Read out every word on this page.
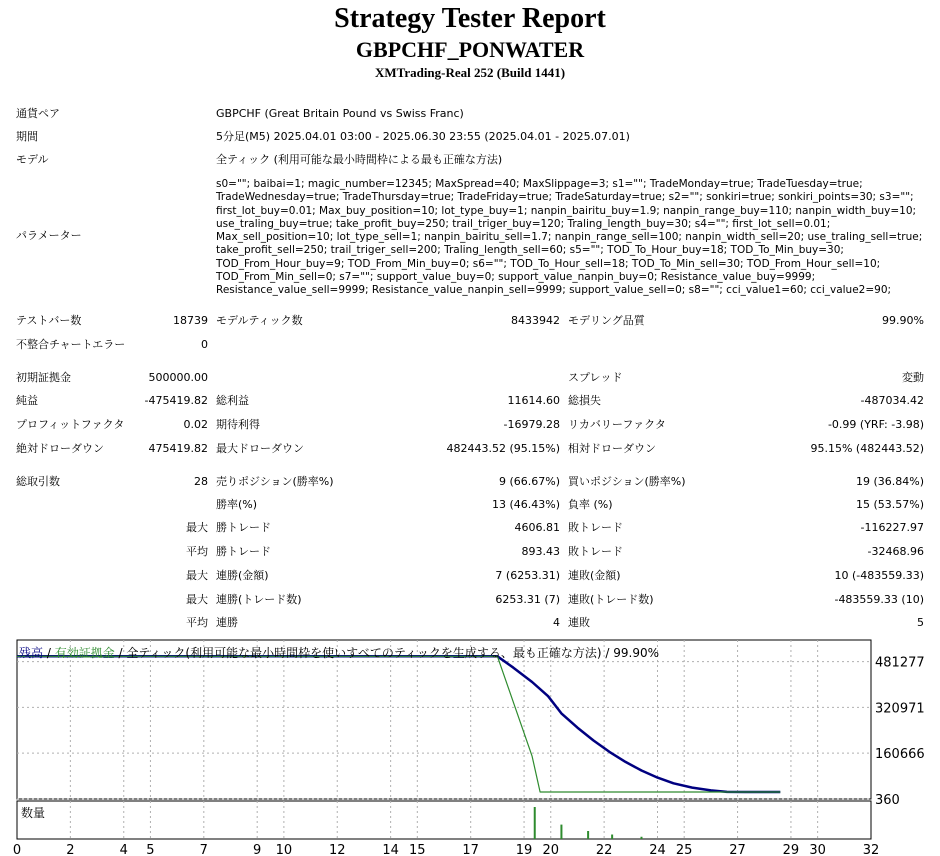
Strategy Tester Report
GBPCHF_PONWATER
XMTrading-Real 252 (Build 1441)
通貨ペア	GBPCHF (Great Britain Pound vs Swiss Franc)
期間	5分足(M5) 2025.04.01 03:00 - 2025.06.30 23:55 (2025.04.01 - 2025.07.01)
モデル	全ティック (利用可能な最小時間枠による最も正確な方法)
パラメーター
s0=""; baibai=1; magic_number=12345; MaxSpread=40; MaxSlippage=3; s1=""; TradeMonday=true; TradeTuesday=true; TradeWednesday=true; TradeThursday=true; TradeFriday=true; TradeSaturday=true; s2=""; sonkiri=true; sonkiri_points=30; s3=""; first_lot_buy=0.01; Max_buy_position=10; lot_type_buy=1; nanpin_bairitu_buy=1.9; nanpin_range_buy=110; nanpin_width_buy=10; use_traling_buy=true; take_profit_buy=250; trail_triger_buy=120; Traling_length_buy=30; s4=""; first_lot_sell=0.01; Max_sell_position=10; lot_type_sell=1; nanpin_bairitu_sell=1.7; nanpin_range_sell=100; nanpin_width_sell=20; use_traling_sell=true; take_profit_sell=250; trail_triger_sell=200; Traling_length_sell=60; s5=""; TOD_To_Hour_buy=18; TOD_To_Min_buy=30; TOD_From_Hour_buy=9; TOD_From_Min_buy=0; s6=""; TOD_To_Hour_sell=18; TOD_To_Min_sell=30; TOD_From_Hour_sell=10; TOD_From_Min_sell=0; s7=""; support_value_buy=0; support_value_nanpin_buy=0; Resistance_value_buy=9999; Resistance_value_sell=9999; Resistance_value_nanpin_sell=9999; support_value_sell=0; s8=""; cci_value1=60; cci_value2=90;
テストバー数	18739 モデルティック数	8433942 モデリング品質	99.90%
不整合チャートエラー	0
初期証拠金	500000.00	スプレッド	変動
純益	-475419.82 総利益	11614.60 総損失	-487034.42
プロフィットファクタ	0.02 期待利得	-16979.28 リカバリーファクタ	-0.99 (YRF: -3.98)
絶対ドローダウン	475419.82 最大ドローダウン	482443.52 (95.15%) 相対ドローダウン	95.15% (482443.52)
総取引数	28 売りポジション(勝率%)	9 (66.67%) 買いポジション(勝率%)	19 (36.84%)
勝率(%)	13 (46.43%) 負率 (%)	15 (53.57%)
最大 勝トレード	4606.81 敗トレード	-116227.97
平均 勝トレード	893.43 敗トレード	-32468.96
最大 連勝(金額)	7 (6253.31) 連敗(金額)	10 (-483559.33)
最大 連勝(トレード数)	6253.31 (7) 連敗(トレード数)	-483559.33 (10)
平均 連勝	4 連敗	5
481277
320971
160666
360
0	2	4 5	7	9 10	12	14 15	17	19 20	22	24 25	27	29 30	32
残高 / 有効証拠金 / 全ティック(利用可能な最小時間枠を使いすべてのティックを生成する、最も正確な方法) / 99.90%
数量
